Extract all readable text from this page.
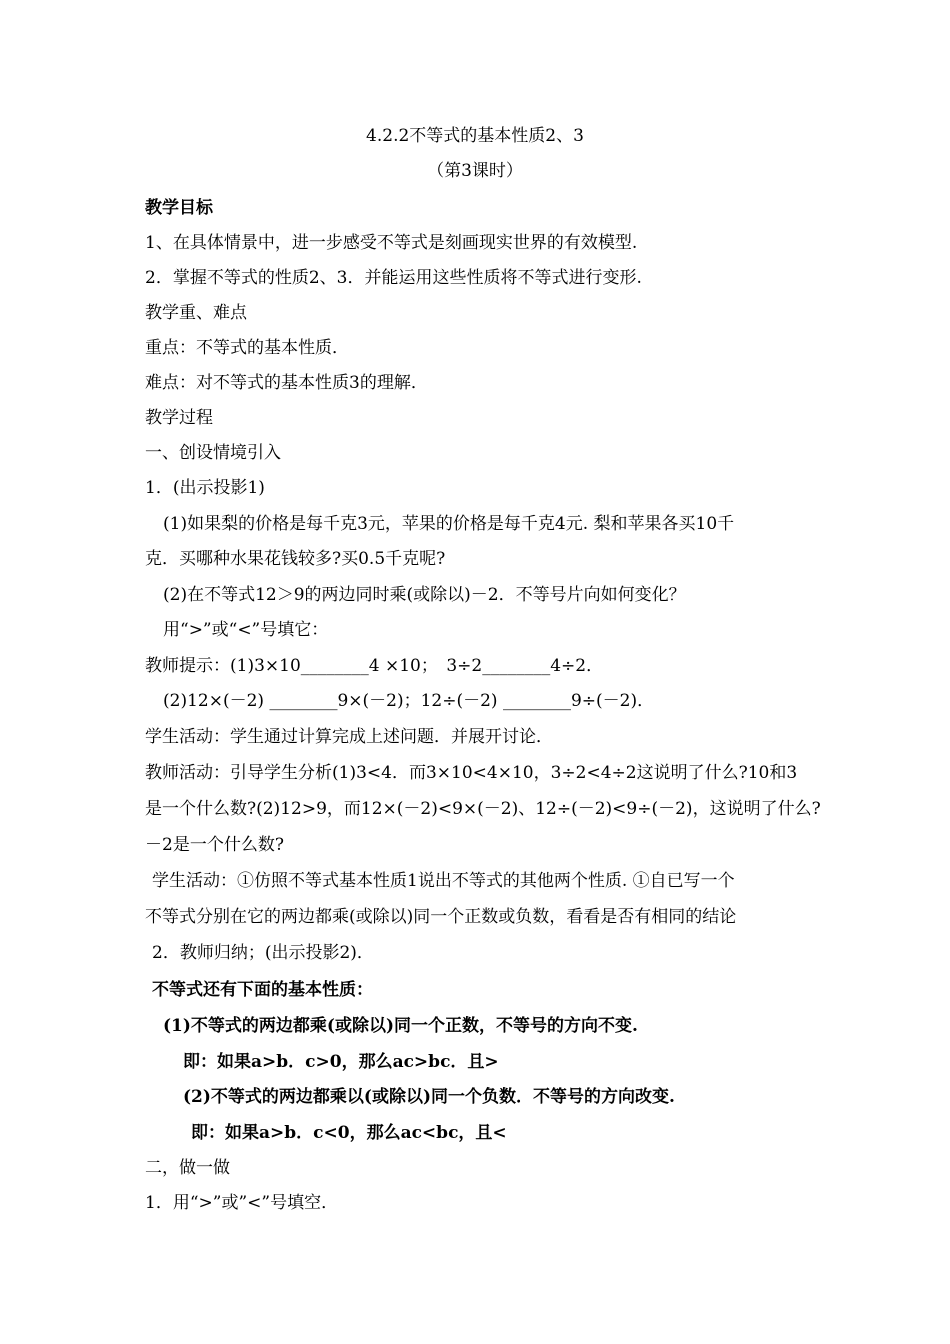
4.2.2不等式的基本性质2、3
（第3课时）
教学目标
1、在具体情景中，进一步感受不等式是刻画现实世界的有效模型.
2．掌握不等式的性质2、3．并能运用这些性质将不等式进行变形.
教学重、难点
重点：不等式的基本性质．
难点：对不等式的基本性质3的理解．
教学过程
一、创设情境引入
1．(出示投影1)
(1)如果梨的价格是每千克3元，苹果的价格是每千克4元. 梨和苹果各买10千
克．买哪种水果花钱较多?买0.5千克呢?
(2)在不等式12＞9的两边同时乘(或除以)－2．不等号片向如何变化？
用“>”或“<”号填它：
教师提示：(1)3×10________4 ×10；　3÷2________4÷2．
(2)12×(－2) ________9×(－2)；12÷(－2) ________9÷(－2)．
学生活动：学生通过计算完成上述问题．并展开讨论．
教师活动：引导学生分析(1)3<4．而3×10<4×10，3÷2<4÷2这说明了什么?10和3
是一个什么数?(2)12>9，而12×(－2)<9×(－2)、12÷(－2)<9÷(－2)，这说明了什么?
－2是一个什么数?
学生活动：①仿照不等式基本性质1说出不等式的其他两个性质. ①自已写一个
不等式分别在它的两边都乘(或除以)同一个正数或负数，看看是否有相同的结论
2．教师归纳；(出示投影2)．
不等式还有下面的基本性质：
(1)不等式的两边都乘(或除以)同一个正数，不等号的方向不变.
即：如果a>b．c>0，那么ac>bc．且>
(2)不等式的两边都乘以(或除以)同一个负数．不等号的方向改变.
即：如果a>b．c<0，那么ac<bc，且<
二，做一做
1．用“>”或”<”号填空．
